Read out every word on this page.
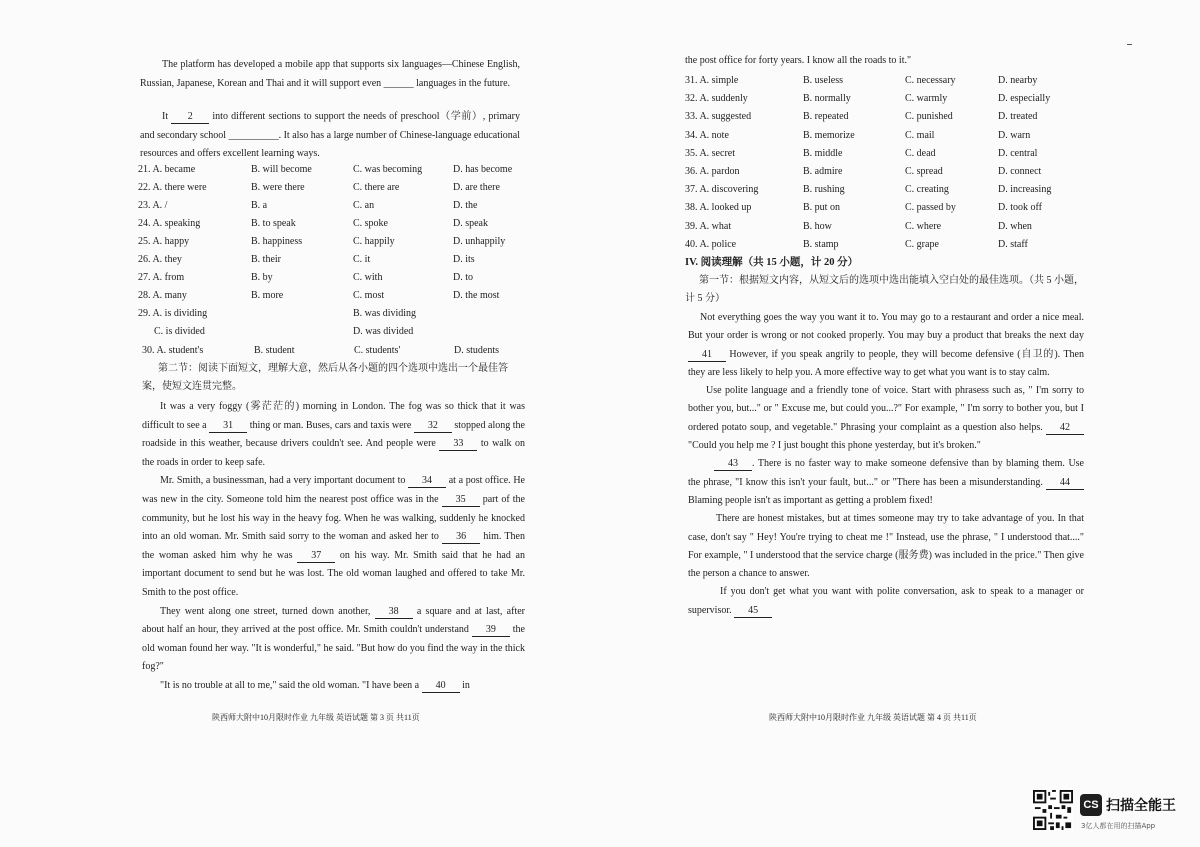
The platform has developed a mobile app that supports six languages—Chinese English, Russian, Japanese, Korean and Thai and it will support even ______ languages in the future.
It 2 into different sections to support the needs of preschool（学前）, primary and secondary school __________. It also has a large number of Chinese-language educational resources and offers excellent learning ways.
21. A. became	B. will become	C. was becoming	D. has become
22. A. there were	B. were there	C. there are	D. are there
23. A. /	B. a	C. an	D. the
24. A. speaking	B. to speak	C. spoke	D. speak
25. A. happy	B. happiness	C. happily	D. unhappily
26. A. they	B. their	C. it	D. its
27. A. from	B. by	C. with	D. to
28. A. many	B. more	C. most	D. the most
29. A. is dividing	B. was dividing
C. is divided	D. was divided
30. A. student's	B. student	C. students'	D. students
第二节：阅读下面短文，理解大意，然后从各小题的四个选项中选出一个最佳答案，使短文连贯完整。
It was a very foggy (雾茫茫的) morning in London. The fog was so thick that it was difficult to see a 31 thing or man. Buses, cars and taxis were 32 stopped along the roadside in this weather, because drivers couldn't see. And people were 33 to walk on the roads in order to keep safe.
Mr. Smith, a businessman, had a very important document to 34 at a post office. He was new in the city. Someone told him the nearest post office was in the 35 part of the community, but he lost his way in the heavy fog. When he was walking, suddenly he knocked into an old woman. Mr. Smith said sorry to the woman and asked her to 36 him. Then the woman asked him why he was 37 on his way. Mr. Smith said that he had an important document to send but he was lost. The old woman laughed and offered to take Mr. Smith to the post office.
They went along one street, turned down another, 38 a square and at last, after about half an hour, they arrived at the post office. Mr. Smith couldn't understand 39 the old woman found her way. "It is wonderful," he said. "But how do you find the way in the thick fog?"
"It is no trouble at all to me," said the old woman. "I have been a 40 in
陕西师大附中10月限时作业 九年级 英语试题 第 3 页 共11页
the post office for forty years. I know all the roads to it."
31. A. simple	B. useless	C. necessary	D. nearby
32. A. suddenly	B. normally	C. warmly	D. especially
33. A. suggested	B. repeated	C. punished	D. treated
34. A. note	B. memorize	C. mail	D. warn
35. A. secret	B. middle	C. dead	D. central
36. A. pardon	B. admire	C. spread	D. connect
37. A. discovering	B. rushing	C. creating	D. increasing
38. A. looked up	B. put on	C. passed by	D. took off
39. A. what	B. how	C. where	D. when
40. A. police	B. stamp	C. grape	D. staff
IV. 阅读理解（共 15 小题，计 20 分）
第一节：根据短文内容，从短文后的选项中选出能填入空白处的最佳选项。（共 5 小题，计 5 分）
Not everything goes the way you want it to. You may go to a restaurant and order a nice meal. But your order is wrong or not cooked properly. You may buy a product that breaks the next day 41 However, if you speak angrily to people, they will become defensive (自卫的). Then they are less likely to help you. A more effective way to get what you want is to stay calm.
Use polite language and a friendly tone of voice. Start with phrasess such as, " I'm sorry to bother you, but..." or " Excuse me, but could you...?" For example, " I'm sorry to bother you, but I ordered potato soup, and vegetable." Phrasing your complaint as a question also helps. 42 "Could you help me ? I just bought this phone yesterday, but it's broken."
43 . There is no faster way to make someone defensive than by blaming them. Use the phrase, "I know this isn't your fault, but..." or "There has been a misunderstanding. 44 Blaming people isn't as important as getting a problem fixed!
There are honest mistakes, but at times someone may try to take advantage of you. In that case, don't say " Hey! You're trying to cheat me !" Instead, use the phrase, " I understood that...." For example, " I understood that the service charge (服务费) was included in the price." Then give the person a chance to answer.
If you don't get what you want with polite conversation, ask to speak to a manager or supervisor. 45
陕西师大附中10月限时作业 九年级 英语试题 第 4 页 共11页
CS 扫描全能王
3亿人都在用的扫描App
